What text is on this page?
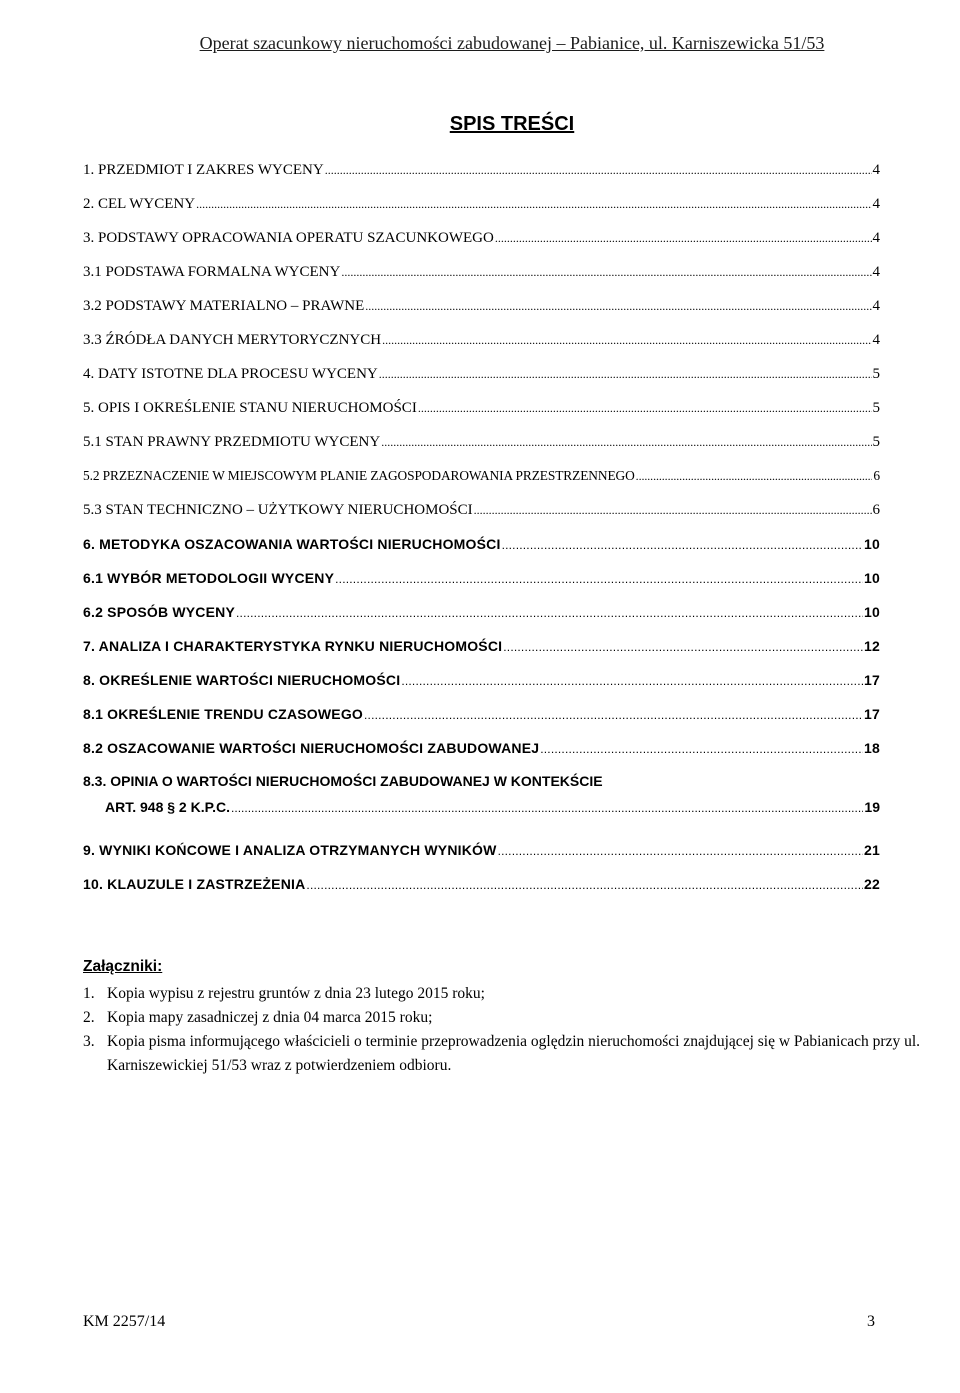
Operat szacunkowy nieruchomości zabudowanej – Pabianice, ul. Karniszewicka 51/53
SPIS TREŚCI
1. PRZEDMIOT I ZAKRES WYCENY .....	4
2. CEL WYCENY .....	4
3. PODSTAWY OPRACOWANIA OPERATU SZACUNKOWEGO .....	4
3.1 PODSTAWA FORMALNA WYCENY .....	4
3.2 PODSTAWY MATERIALNO – PRAWNE .....	4
3.3 ŹRÓDŁA DANYCH MERYTORYCZNYCH .....	4
4. DATY ISTOTNE DLA PROCESU WYCENY .....	5
5. OPIS I OKREŚLENIE STANU NIERUCHOMOŚCI .....	5
5.1 STAN PRAWNY PRZEDMIOTU WYCENY .....	5
5.2 PRZEZNACZENIE W MIEJSCOWYM PLANIE ZAGOSPODAROWANIA PRZESTRZENNEGO .....	6
5.3 STAN TECHNICZNO – UŻYTKOWY NIERUCHOMOŚCI .....	6
6. METODYKA OSZACOWANIA WARTOŚCI NIERUCHOMOŚCI .....	10
6.1 WYBÓR METODOLOGII WYCENY .....	10
6.2 SPOSÓB WYCENY .....	10
7. ANALIZA I CHARAKTERYSTYKA RYNKU NIERUCHOMOŚCI .....	12
8. OKREŚLENIE WARTOŚCI NIERUCHOMOŚCI .....	17
8.1 OKREŚLENIE TRENDU CZASOWEGO .....	17
8.2 OSZACOWANIE WARTOŚCI NIERUCHOMOŚCI ZABUDOWANEJ .....	18
8.3. OPINIA O WARTOŚCI NIERUCHOMOŚCI ZABUDOWANEJ W KONTEKŚCIE
ART. 948 § 2 K.P.C. .....	19
9. WYNIKI KOŃCOWE I ANALIZA OTRZYMANYCH WYNIKÓW .....	21
10. KLAUZULE I ZASTRZEŻENIA .....	22
Załączniki:
1. Kopia wypisu z rejestru gruntów z dnia 23 lutego 2015 roku;
2. Kopia mapy zasadniczej z dnia 04 marca 2015 roku;
3. Kopia pisma informującego właścicieli o terminie przeprowadzenia oględzin nieruchomości znajdującej się w Pabianicach przy ul. Karniszewickiej 51/53 wraz z potwierdzeniem odbioru.
KM 2257/14	3
